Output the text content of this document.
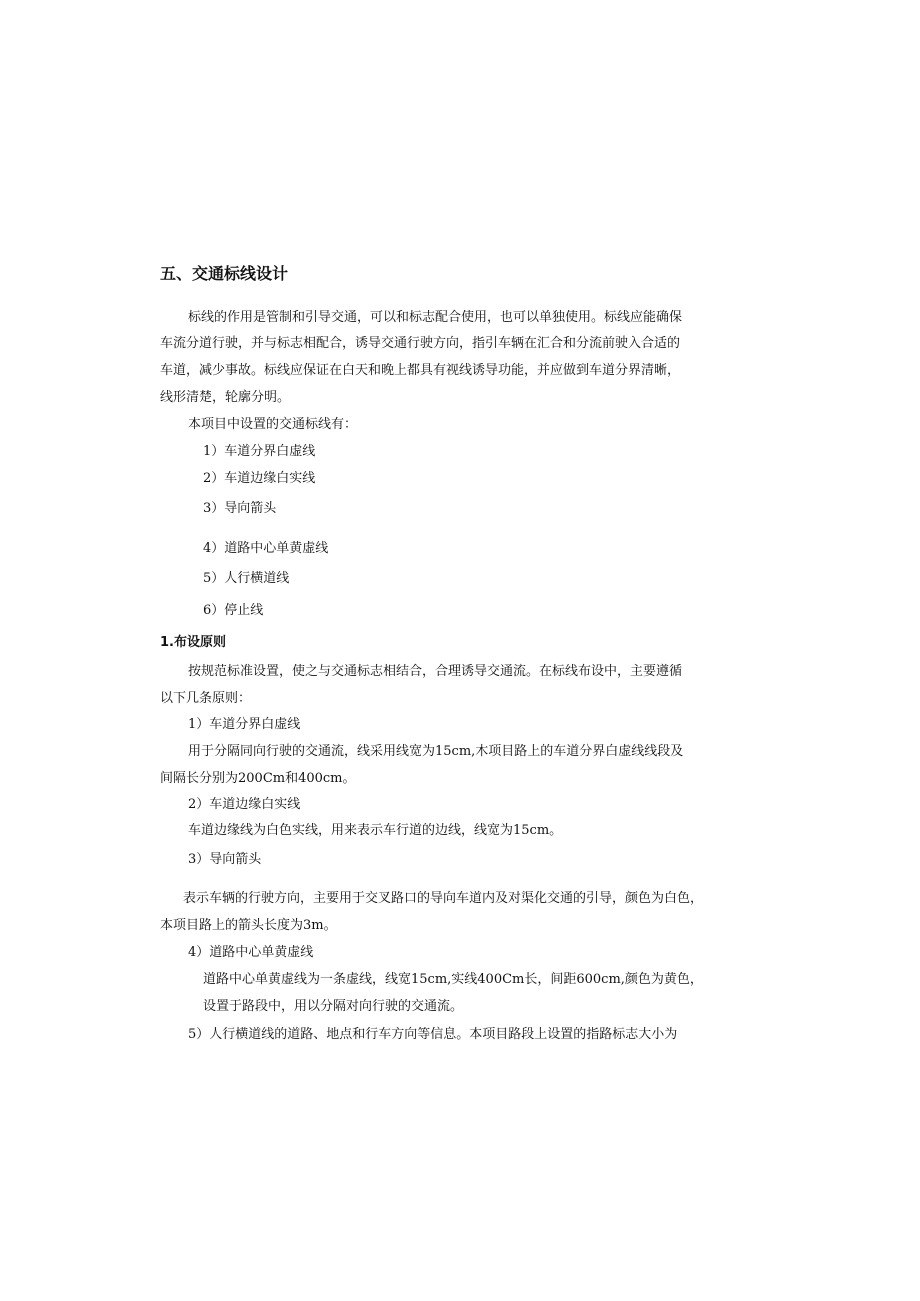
五、交通标线设计
标线的作用是管制和引导交通，可以和标志配合使用，也可以单独使用。标线应能确保
车流分道行驶，并与标志相配合，诱导交通行驶方向，指引车辆在汇合和分流前驶入合适的
车道，减少事故。标线应保证在白天和晚上都具有视线诱导功能，并应做到车道分界清晰，
线形清楚，轮廓分明。
本项目中设置的交通标线有：
1）车道分界白虚线
2）车道边缘白实线
3）导向箭头
4）道路中心单黄虚线
5）人行横道线
6）停止线
1.布设原则
按规范标准设置，使之与交通标志相结合，合理诱导交通流。在标线布设中，主要遵循
以下几条原则：
1）车道分界白虚线
用于分隔同向行驶的交通流，线采用线宽为15cm,木项目路上的车道分界白虚线线段及
间隔长分别为200Cm和400cm。
2）车道边缘白实线
车道边缘线为白色实线，用来表示车行道的边线，线宽为15cm。
3）导向箭头
表示车辆的行驶方向，主要用于交叉路口的导向车道内及对渠化交通的引导，颜色为白色，
本项目路上的箭头长度为3m。
4）道路中心单黄虚线
道路中心单黄虚线为一条虚线，线宽15cm,实线400Cm长，间距600cm,颜色为黄色，
设置于路段中，用以分隔对向行驶的交通流。
5）人行横道线的道路、地点和行车方向等信息。本项目路段上设置的指路标志大小为
